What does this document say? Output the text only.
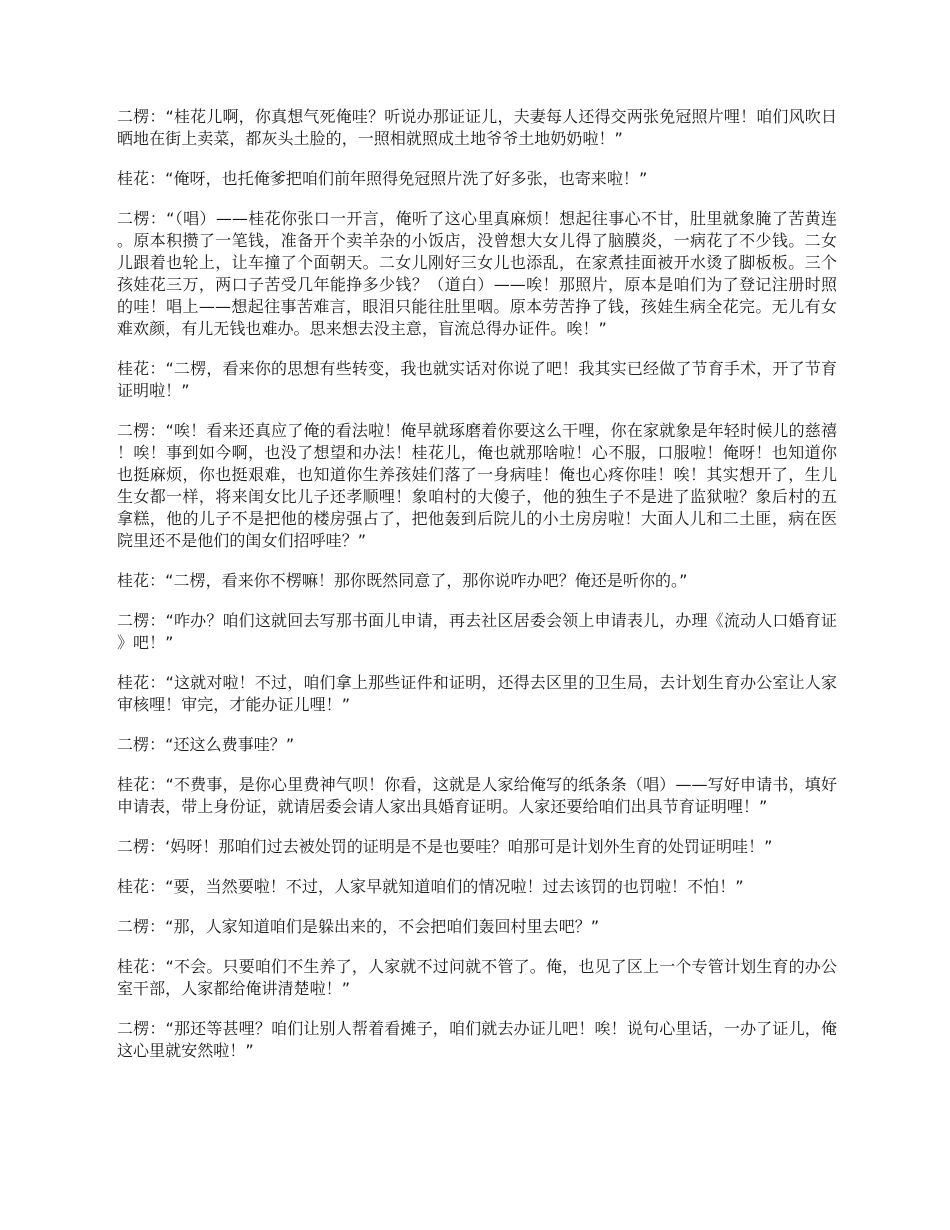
二楞：“桂花儿啊，你真想气死俺哇？听说办那证证儿，夫妻每人还得交两张免冠照片哩！咱们风吹日晒地在街上卖菜，都灰头土脸的，一照相就照成土地爷爷土地奶奶啦！”

桂花：“俺呀，也托俺爹把咱们前年照得免冠照片洗了好多张，也寄来啦！”

二楞：“（唱）——桂花你张口一开言，俺听了这心里真麻烦！想起往事心不甘，肚里就象腌了苦黄连。原本积攒了一笔钱，准备开个卖羊杂的小饭店，没曾想大女儿得了脑膜炎，一病花了不少钱。二女儿跟着也轮上，让车撞了个面朝天。二女儿刚好三女儿也添乱，在家煮挂面被开水烫了脚板板。三个孩娃花三万，两口子苦受几年能挣多少钱？（道白）——唉！那照片，原本是咱们为了登记注册时照的哇！唱上——想起往事苦难言，眼泪只能往肚里咽。原本劳苦挣了钱，孩娃生病全花完。无儿有女难欢颜，有儿无钱也难办。思来想去没主意，盲流总得办证件。唉！”

桂花：“二楞，看来你的思想有些转变，我也就实话对你说了吧！我其实已经做了节育手术，开了节育证明啦！”

二楞：“唉！看来还真应了俺的看法啦！俺早就琢磨着你要这么干哩，你在家就象是年轻时候儿的慈禧！唉！事到如今啊，也没了想望和办法！桂花儿，俺也就那啥啦！心不服，口服啦！俺呀！也知道你也挺麻烦，你也挺艰难，也知道你生养孩娃们落了一身病哇！俺也心疼你哇！唉！其实想开了，生儿生女都一样，将来闺女比儿子还孝顺哩！象咱村的大傻子，他的独生子不是进了监狱啦？象后村的五拿糕，他的儿子不是把他的楼房强占了，把他轰到后院儿的小土房房啦！大面人儿和二土匪，病在医院里还不是他们的闺女们招呼哇？”

桂花：“二楞，看来你不楞嘛！那你既然同意了，那你说咋办吧？俺还是听你的。”

二楞：“咋办？咱们这就回去写那书面儿申请，再去社区居委会领上申请表儿，办理《流动人口婚育证》吧！”

桂花：“这就对啦！不过，咱们拿上那些证件和证明，还得去区里的卫生局，去计划生育办公室让人家审核哩！审完，才能办证儿哩！”

二楞：“还这么费事哇？”

桂花：“不费事，是你心里费神气呗！你看，这就是人家给俺写的纸条条（唱）——写好申请书，填好申请表，带上身份证，就请居委会请人家出具婚育证明。人家还要给咱们出具节育证明哩！”

二楞：‘妈呀！那咱们过去被处罚的证明是不是也要哇？咱那可是计划外生育的处罚证明哇！”

桂花：“要，当然要啦！不过，人家早就知道咱们的情况啦！过去该罚的也罚啦！不怕！”

二楞：“那，人家知道咱们是躲出来的，不会把咱们轰回村里去吧？”

桂花：“不会。只要咱们不生养了，人家就不过问就不管了。俺，也见了区上一个专管计划生育的办公室干部，人家都给俺讲清楚啦！”

二楞：“那还等甚哩？咱们让别人帮着看摊子，咱们就去办证儿吧！唉！说句心里话，一办了证儿，俺这心里就安然啦！”
